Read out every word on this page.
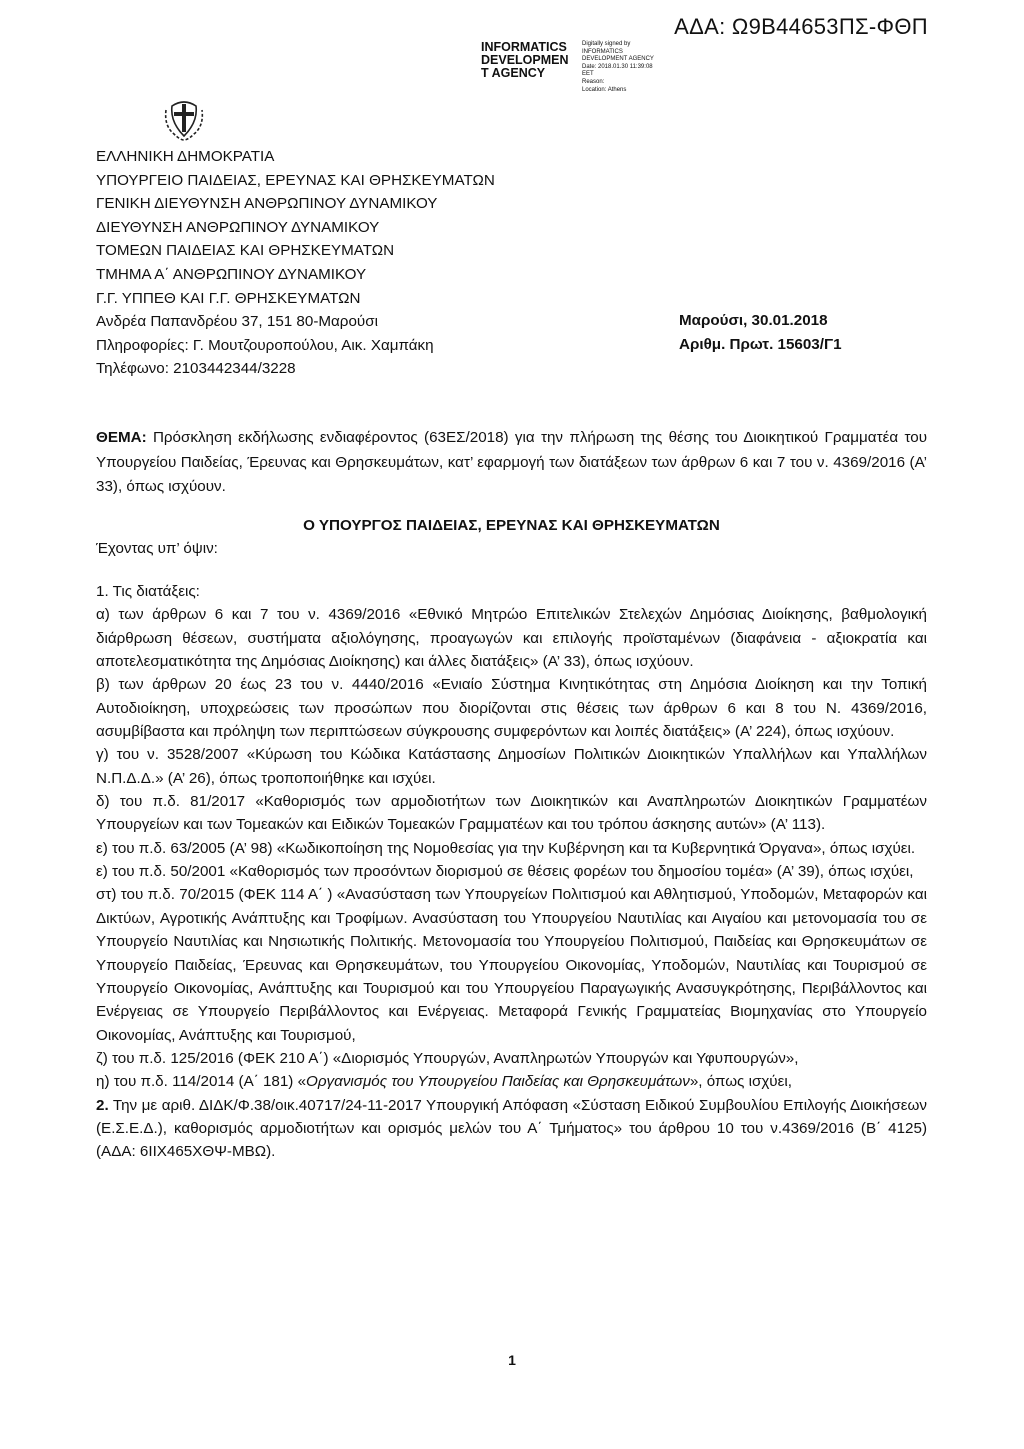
ΑΔΑ: Ω9Β44653ΠΣ-ΦΘΠ
INFORMATICS
DEVELOPMEN
T AGENCY
Digitally signed by
INFORMATICS
DEVELOPMENT AGENCY
Date: 2018.01.30 11:39:08
EET
Reason:
Location: Athens
ΕΛΛΗΝΙΚΗ ΔΗΜΟΚΡΑΤΙΑ
ΥΠΟΥΡΓΕΙΟ ΠΑΙΔΕΙΑΣ, ΕΡΕΥΝΑΣ ΚΑΙ ΘΡΗΣΚΕΥΜΑΤΩΝ
ΓΕΝΙΚΗ ΔΙΕΥΘΥΝΣΗ ΑΝΘΡΩΠΙΝΟΥ ΔΥΝΑΜΙΚΟΥ
ΔΙΕΥΘΥΝΣΗ ΑΝΘΡΩΠΙΝΟΥ ΔΥΝΑΜΙΚΟΥ
ΤΟΜΕΩΝ ΠΑΙΔΕΙΑΣ ΚΑΙ ΘΡΗΣΚΕΥΜΑΤΩΝ
ΤΜΗΜΑ Α΄ ΑΝΘΡΩΠΙΝΟΥ ΔΥΝΑΜΙΚΟΥ
Γ.Γ. ΥΠΠΕΘ ΚΑΙ Γ.Γ. ΘΡΗΣΚΕΥΜΑΤΩΝ
Ανδρέα Παπανδρέου 37, 151 80-Μαρούσι
Πληροφορίες: Γ. Μουτζουροπούλου, Αικ. Χαμπάκη
Τηλέφωνο: 2103442344/3228
Μαρούσι, 30.01.2018
Αριθμ. Πρωτ. 15603/Γ1
ΘΕΜΑ: Πρόσκληση εκδήλωσης ενδιαφέροντος (63ΕΣ/2018) για την πλήρωση της θέσης του Διοικητικού Γραμματέα του Υπουργείου Παιδείας, Έρευνας και Θρησκευμάτων, κατ’ εφαρμογή των διατάξεων των άρθρων 6 και 7 του ν. 4369/2016 (Α’ 33), όπως ισχύουν.
Ο ΥΠΟΥΡΓΟΣ ΠΑΙΔΕΙΑΣ, ΕΡΕΥΝΑΣ ΚΑΙ ΘΡΗΣΚΕΥΜΑΤΩΝ
Έχοντας υπ’ όψιν:

1. Τις διατάξεις:

α) των άρθρων 6 και 7 του ν. 4369/2016 «Εθνικό Μητρώο Επιτελικών Στελεχών Δημόσιας Διοίκησης, βαθμολογική διάρθρωση θέσεων, συστήματα αξιολόγησης, προαγωγών και επιλογής προϊσταμένων (διαφάνεια - αξιοκρατία και αποτελεσματικότητα της Δημόσιας Διοίκησης) και άλλες διατάξεις» (Α’ 33), όπως ισχύουν.

β) των άρθρων 20 έως 23 του ν. 4440/2016 «Ενιαίο Σύστημα Κινητικότητας στη Δημόσια Διοίκηση και την Τοπική Αυτοδιοίκηση, υποχρεώσεις των προσώπων που διορίζονται στις θέσεις των άρθρων 6 και 8 του Ν. 4369/2016, ασυμβίβαστα και πρόληψη των περιπτώσεων σύγκρουσης συμφερόντων και λοιπές διατάξεις» (Α’ 224), όπως ισχύουν.

γ) του ν. 3528/2007 «Κύρωση του Κώδικα Κατάστασης Δημοσίων Πολιτικών Διοικητικών Υπαλλήλων και Υπαλλήλων Ν.Π.Δ.Δ.» (Α’ 26), όπως τροποποιήθηκε και ισχύει.

δ) του π.δ. 81/2017 «Καθορισμός των αρμοδιοτήτων των Διοικητικών και Αναπληρωτών Διοικητικών Γραμματέων Υπουργείων και των Τομεακών και Ειδικών Τομεακών Γραμματέων και του τρόπου άσκησης αυτών» (Α’ 113).

ε) του π.δ. 63/2005 (Α’ 98) «Κωδικοποίηση της Νομοθεσίας για την Κυβέρνηση και τα Κυβερνητικά Όργανα», όπως ισχύει.

ε) του π.δ. 50/2001 «Καθορισμός των προσόντων διορισμού σε θέσεις φορέων του δημοσίου τομέα» (Α’ 39), όπως ισχύει,

στ) του π.δ. 70/2015 (ΦΕΚ 114 Α΄ ) «Ανασύσταση των Υπουργείων Πολιτισμού και Αθλητισμού, Υποδομών, Μεταφορών και Δικτύων, Αγροτικής Ανάπτυξης και Τροφίμων. Ανασύσταση του Υπουργείου Ναυτιλίας και Αιγαίου και μετονομασία του σε Υπουργείο Ναυτιλίας και Νησιωτικής Πολιτικής. Μετονομασία του Υπουργείου Πολιτισμού, Παιδείας και Θρησκευμάτων σε Υπουργείο Παιδείας, Έρευνας και Θρησκευμάτων, του Υπουργείου Οικονομίας, Υποδομών, Ναυτιλίας και Τουρισμού σε Υπουργείο Οικονομίας, Ανάπτυξης και Τουρισμού και του Υπουργείου Παραγωγικής Ανασυγκρότησης, Περιβάλλοντος και Ενέργειας σε Υπουργείο Περιβάλλοντος και Ενέργειας. Μεταφορά Γενικής Γραμματείας Βιομηχανίας στο Υπουργείο Οικονομίας, Ανάπτυξης και Τουρισμού,

ζ) του π.δ. 125/2016 (ΦΕΚ 210 Α΄) «Διορισμός Υπουργών, Αναπληρωτών Υπουργών και Υφυπουργών»,

η) του π.δ. 114/2014 (Α΄ 181) «Οργανισμός του Υπουργείου Παιδείας και Θρησκευμάτων», όπως ισχύει,

2. Την με αριθ. ΔΙΔΚ/Φ.38/οικ.40717/24-11-2017 Υπουργική Απόφαση «Σύσταση Ειδικού Συμβουλίου Επιλογής Διοικήσεων (Ε.Σ.Ε.Δ.), καθορισμός αρμοδιοτήτων και ορισμός μελών του Α΄ Τμήματος» του άρθρου 10 του ν.4369/2016 (Β΄ 4125) (ΑΔΑ: 6ΙΙΧ465ΧΘΨ-ΜΒΩ).

1
